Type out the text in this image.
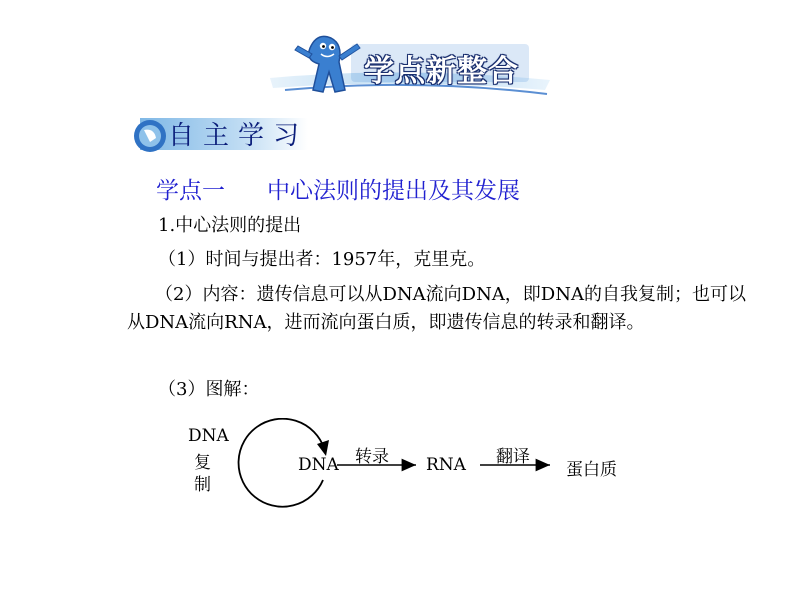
学点新整合
自主学习
学点一 中心法则的提出及其发展
1.中心法则的提出
（1）时间与提出者：1957年，克里克。
（2）内容：遗传信息可以从DNA流向DNA，即DNA的自我复制；也可以从DNA流向RNA，进而流向蛋白质，即遗传信息的转录和翻译。
（3）图解：
DNA
复
制
DNA 转录 RNA 翻译
蛋白质
